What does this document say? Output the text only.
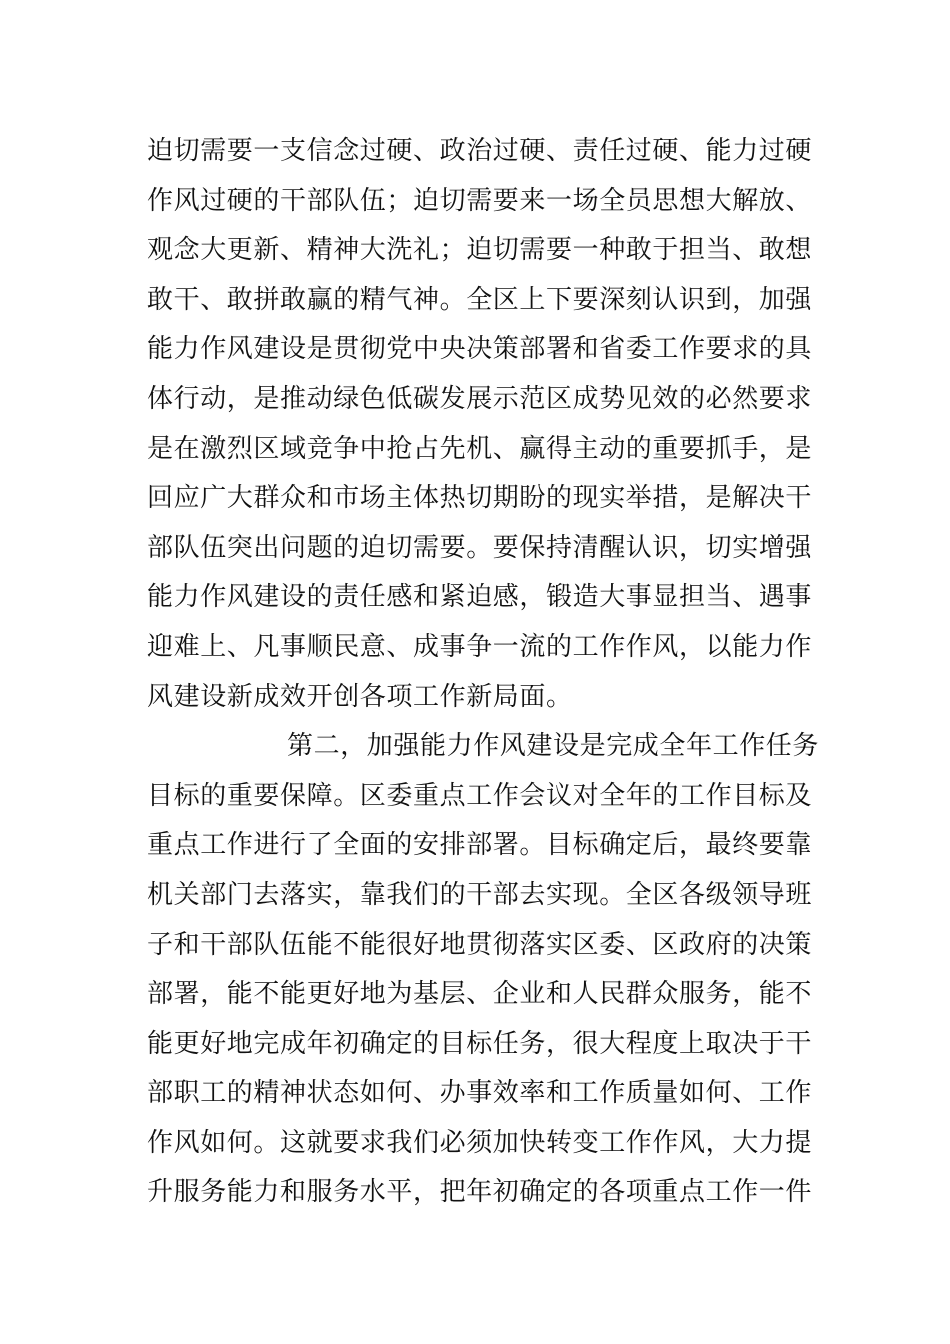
迫切需要一支信念过硬、政治过硬、责任过硬、能力过硬
作风过硬的干部队伍；迫切需要来一场全员思想大解放、
观念大更新、精神大洗礼；迫切需要一种敢于担当、敢想
敢干、敢拼敢赢的精气神。全区上下要深刻认识到，加强
能力作风建设是贯彻党中央决策部署和省委工作要求的具
体行动，是推动绿色低碳发展示范区成势见效的必然要求
是在激烈区域竞争中抢占先机、赢得主动的重要抓手，是
回应广大群众和市场主体热切期盼的现实举措，是解决干
部队伍突出问题的迫切需要。要保持清醒认识，切实增强
能力作风建设的责任感和紧迫感，锻造大事显担当、遇事
迎难上、凡事顺民意、成事争一流的工作作风，以能力作
风建设新成效开创各项工作新局面。
第二，加强能力作风建设是完成全年工作任务
目标的重要保障。区委重点工作会议对全年的工作目标及
重点工作进行了全面的安排部署。目标确定后，最终要靠
机关部门去落实，靠我们的干部去实现。全区各级领导班
子和干部队伍能不能很好地贯彻落实区委、区政府的决策
部署，能不能更好地为基层、企业和人民群众服务，能不
能更好地完成年初确定的目标任务，很大程度上取决于干
部职工的精神状态如何、办事效率和工作质量如何、工作
作风如何。这就要求我们必须加快转变工作作风，大力提
升服务能力和服务水平，把年初确定的各项重点工作一件
